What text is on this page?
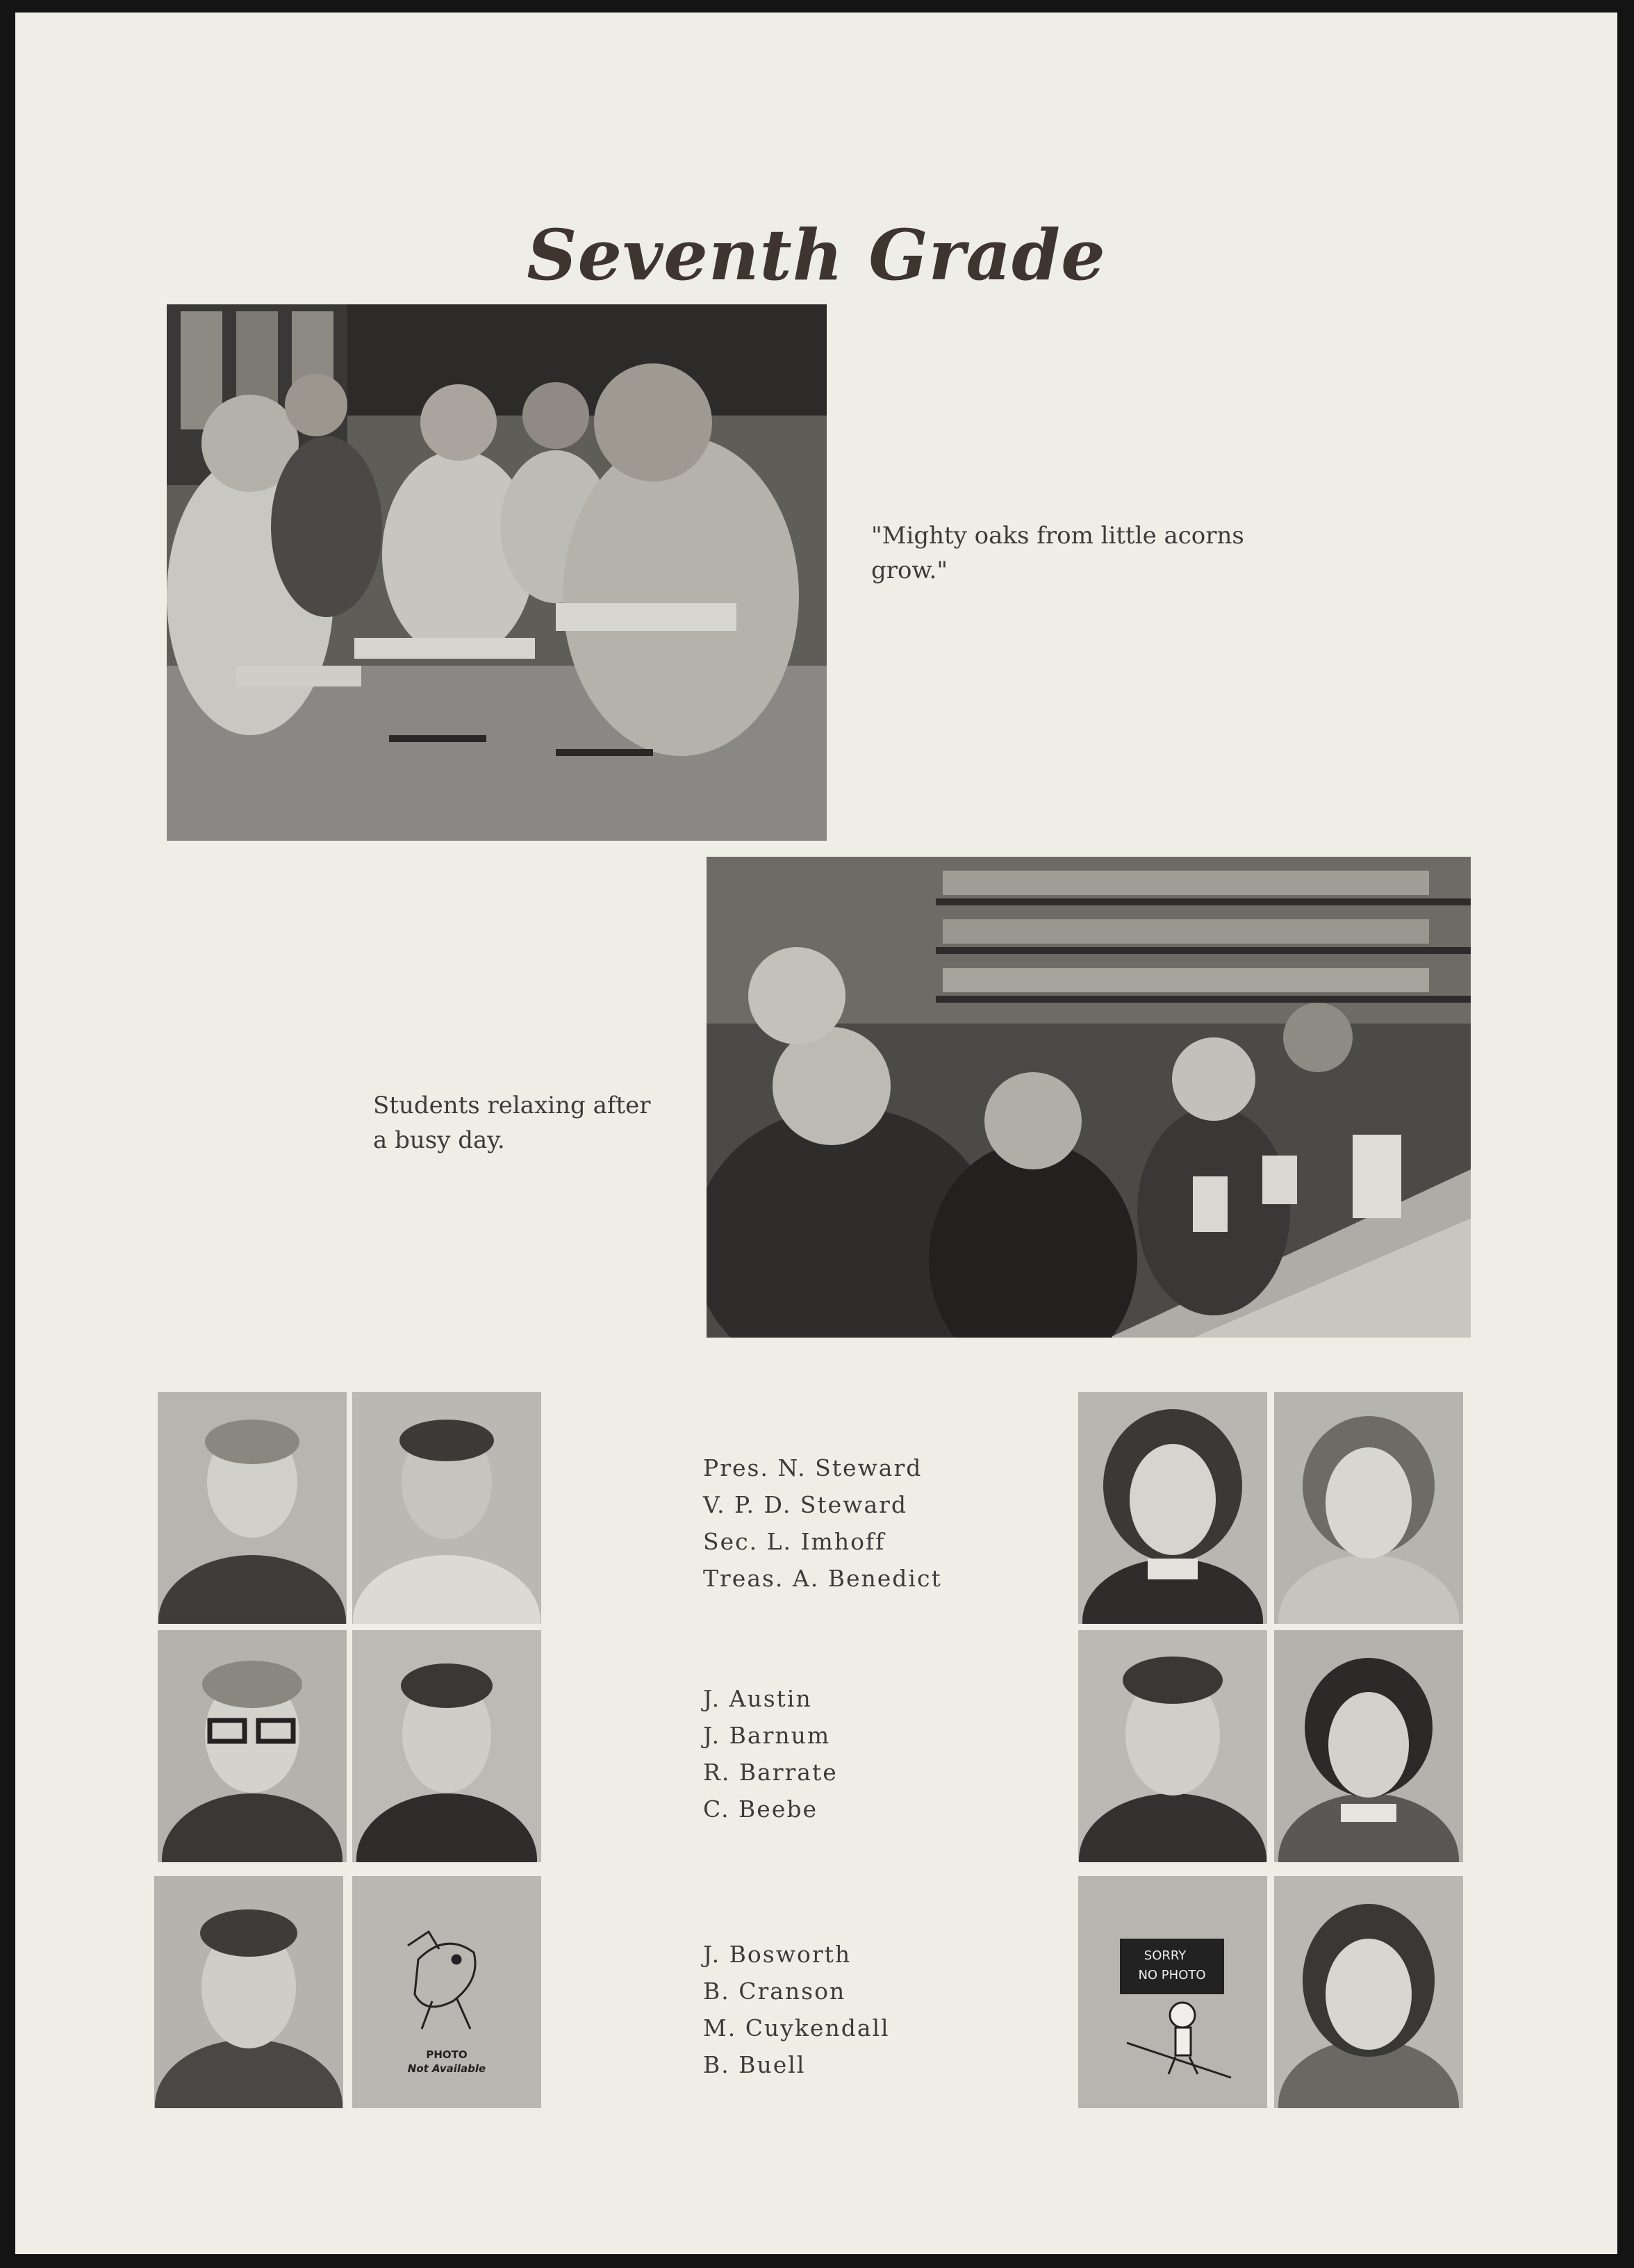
Seventh Grade
"Mighty oaks from little acorns
grow."
Students relaxing after
a busy day.
PHOTO
Not Available
Pres. N. Steward
V. P. D. Steward
Sec. L. Imhoff
Treas. A. Benedict
J. Austin
J. Barnum
R. Barrate
C. Beebe
J. Bosworth
B. Cranson
M. Cuykendall
B. Buell
SORRY
NO PHOTO
